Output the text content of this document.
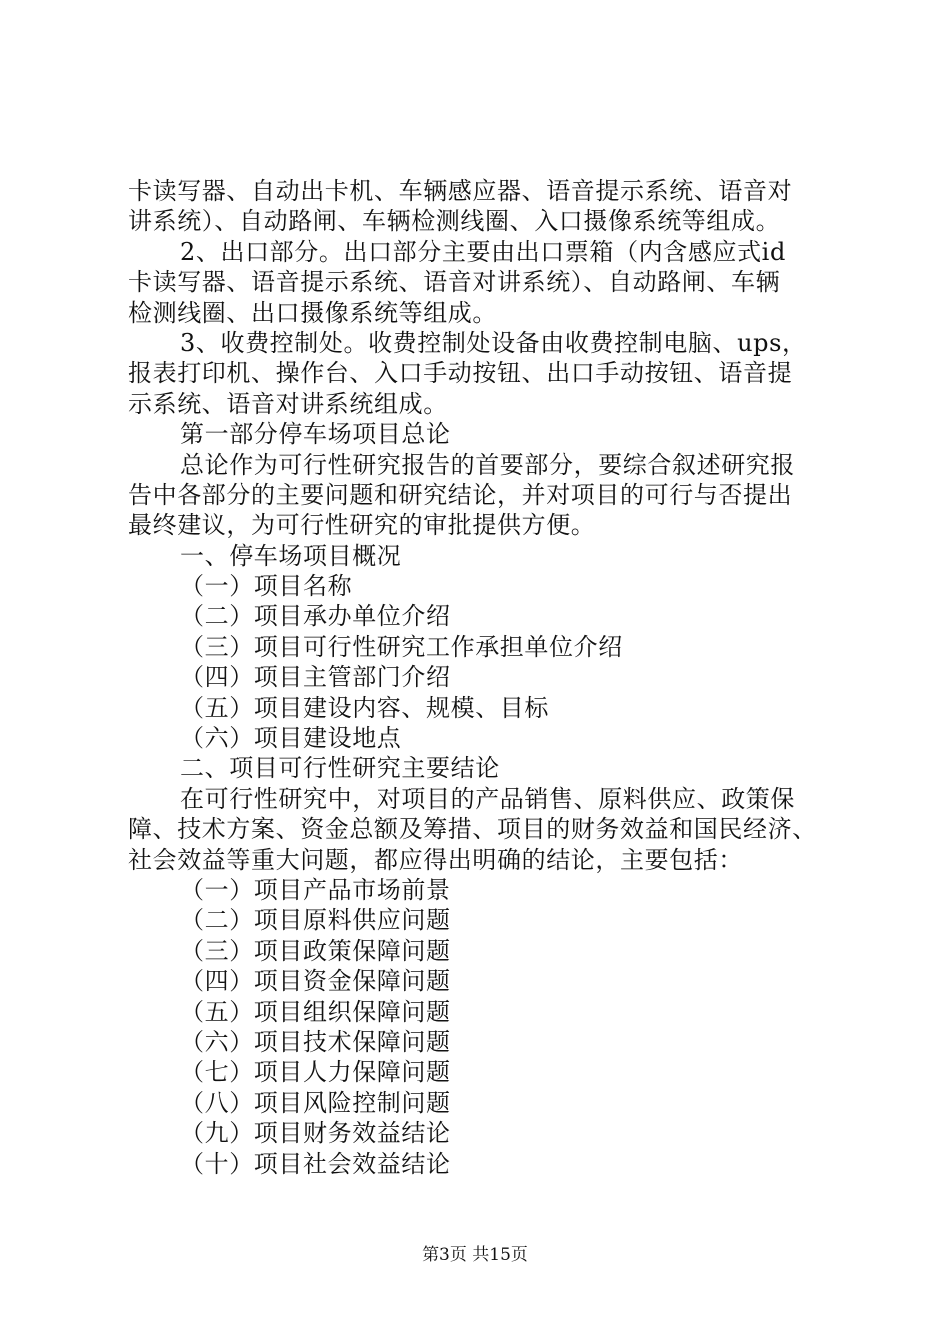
卡读写器、自动出卡机、车辆感应器、语音提示系统、语音对
讲系统）、自动路闸、车辆检测线圈、入口摄像系统等组成。
2、出口部分。出口部分主要由出口票箱（内含感应式id
卡读写器、语音提示系统、语音对讲系统）、自动路闸、车辆
检测线圈、出口摄像系统等组成。
3、收费控制处。收费控制处设备由收费控制电脑、ups，
报表打印机、操作台、入口手动按钮、出口手动按钮、语音提
示系统、语音对讲系统组成。
第一部分停车场项目总论
总论作为可行性研究报告的首要部分，要综合叙述研究报
告中各部分的主要问题和研究结论，并对项目的可行与否提出
最终建议，为可行性研究的审批提供方便。
一、停车场项目概况
（一）项目名称
（二）项目承办单位介绍
（三）项目可行性研究工作承担单位介绍
（四）项目主管部门介绍
（五）项目建设内容、规模、目标
（六）项目建设地点
二、项目可行性研究主要结论
在可行性研究中，对项目的产品销售、原料供应、政策保
障、技术方案、资金总额及筹措、项目的财务效益和国民经济、
社会效益等重大问题，都应得出明确的结论，主要包括：
（一）项目产品市场前景
（二）项目原料供应问题
（三）项目政策保障问题
（四）项目资金保障问题
（五）项目组织保障问题
（六）项目技术保障问题
（七）项目人力保障问题
（八）项目风险控制问题
（九）项目财务效益结论
（十）项目社会效益结论
第3页 共15页
